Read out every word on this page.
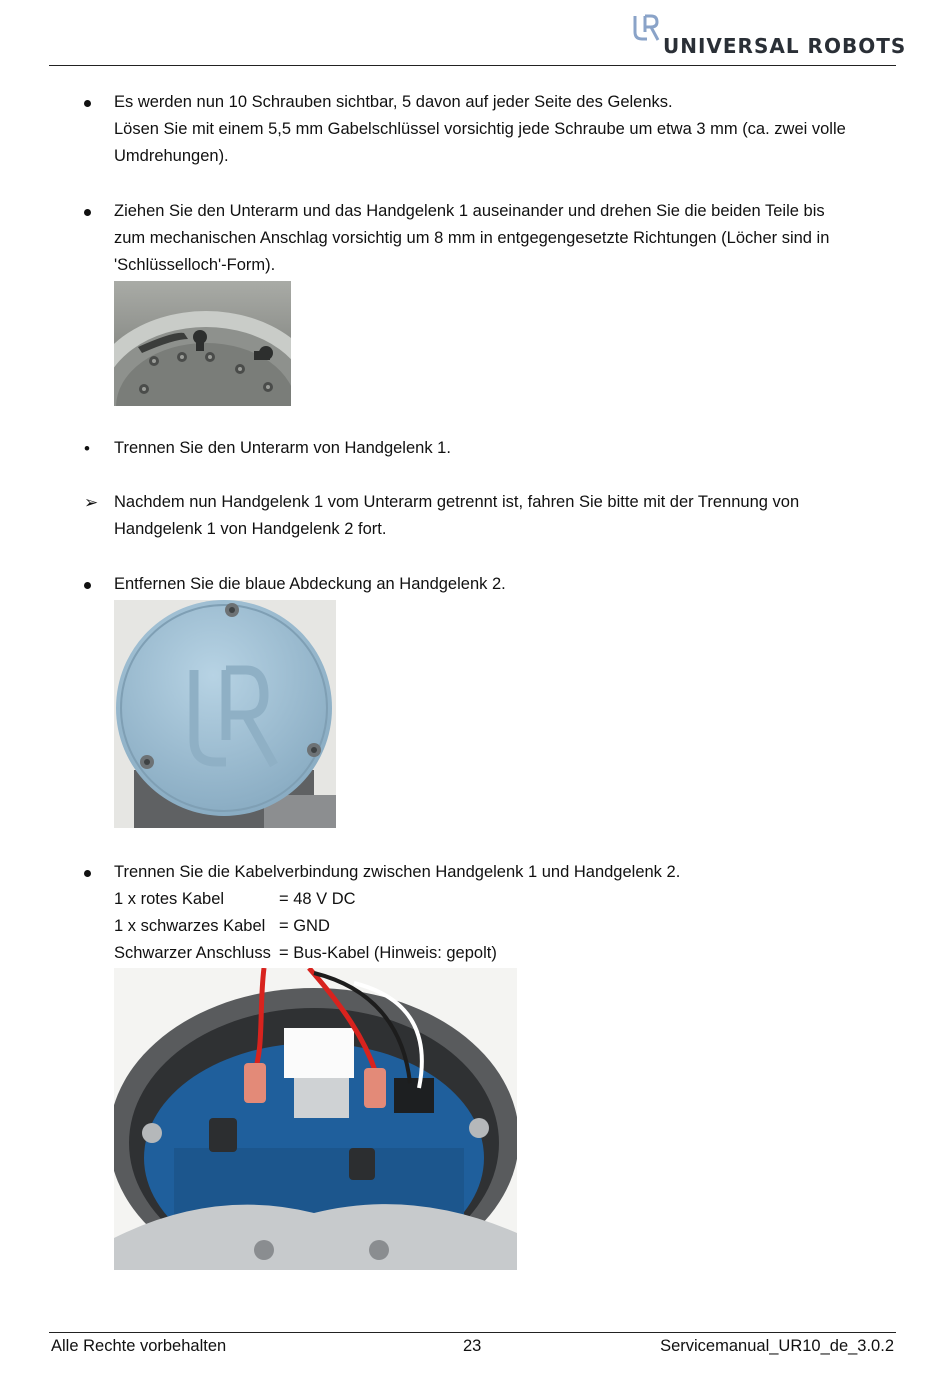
UNIVERSAL ROBOTS

Es werden nun 10 Schrauben sichtbar, 5 davon auf jeder Seite des Gelenks.

Lösen Sie mit einem 5,5 mm Gabelschlüssel vorsichtig jede Schraube um etwa 3 mm (ca. zwei volle

Umdrehungen).

Ziehen Sie den Unterarm und das Handgelenk 1 auseinander und drehen Sie die beiden Teile bis

zum mechanischen Anschlag vorsichtig um 8 mm in entgegengesetzte Richtungen (Löcher sind in

'Schlüsselloch'-Form).

• Trennen Sie den Unterarm von Handgelenk 1.

➢ Nachdem nun Handgelenk 1 vom Unterarm getrennt ist, fahren Sie bitte mit der Trennung von

Handgelenk 1 von Handgelenk 2 fort.

Entfernen Sie die blaue Abdeckung an Handgelenk 2.

Trennen Sie die Kabelverbindung zwischen Handgelenk 1 und Handgelenk 2.

1 x rotes Kabel	= 48 V DC
1 x schwarzes Kabel = GND
Schwarzer Anschluss = Bus-Kabel (Hinweis: gepolt)
Alle Rechte vorbehalten	23	Servicemanual_UR10_de_3.0.2
